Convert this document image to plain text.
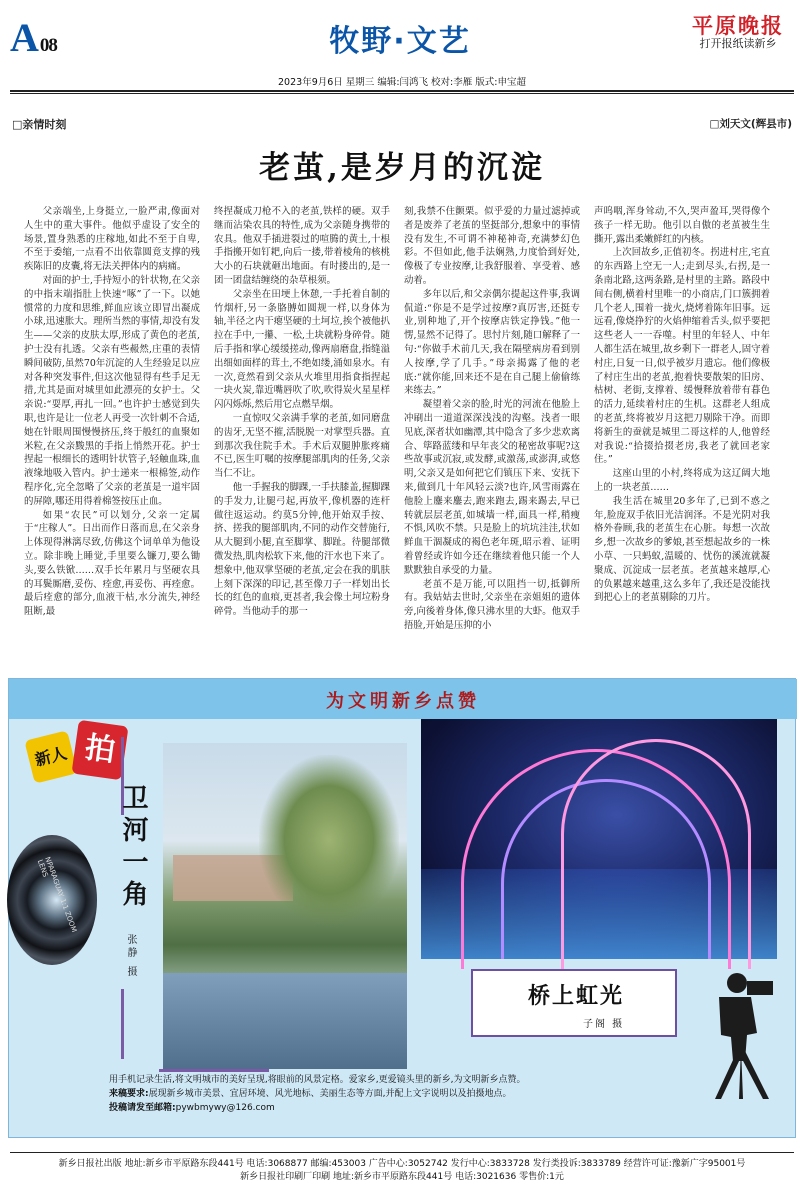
A 08	牧野·文艺	平原晚报
打开报纸读新乡
2023年9月6日 星期三 编辑:闫鸿飞 校对:李雁 版式:申宝超
□亲情时刻	□刘天文(辉县市)
老茧,是岁月的沉淀

父亲端坐,上身挺立,一脸严肃,像面对人生中的重大事件。他似乎虚设了安全的场景,置身熟悉的庄稼地,如此不至于自卑,不至于委缩,一点看不出依靠圆竟支撑的残疾陈旧的皮囊,将无法关押体内的病痛。

对面的护士,手持短小的针状物,在父亲的中指末端指肚上快速“啄”了一下。以她惯常的力度和思维,鲜血应该立即冒出凝成小球,迅速胀大。理所当然的事情,却没有发生——父亲的皮肤太厚,形成了黄色的老茧,护士没有扎透。父亲有些赧然,庄重的表情瞬间破防,虽然70年沉淀的人生经验足以应对各种突发事件,但这次他显得有些手足无措,尤其是面对城里如此漂亮的女护士。父亲说:“耍厚,再扎一回。”也许护士感觉到失职,也许是让一位老人再受一次针刺不合适,她在针眼周围慢慢挤压,终于般红的血聚如米粒,在父亲黢黑的手指上悄然开花。护士捏起一根细长的透明针状管子,轻触血珠,血液缘地吸入管内。护士递来一根棉签,动作程序化,完全忽略了父亲的老茧是一道牢固的屏障,哪还用得着棉签按压止血。

如果“农民”可以划分,父亲一定属于“庄稼人”。日出而作日落而息,在父亲身上体现得淋漓尽致,仿佛这个词单单为他设立。除非晚上睡觉,手里要么镰刀,要么锄头,要么铁锨……双手长年累月与坚硬农具的耳鬓厮磨,妥伤、痊愈,再妥伤、再痊愈。最后痊愈的部分,血液干枯,水分流失,神经阻断,最

终捏凝成刀枪不入的老茧,铁样的硬。双手继而沾染农具的特性,成为父亲随身携带的农具。他双手插进裂过的喧腾的黄土,十根手指搬开如钉耙,向后一搂,带着棱角的核桃大小的石块就砸出地面。有时搂出的,是一团一团盘结缠绕的杂草根须。

父亲坐在田埂上休憩,一手托着自制的竹烟杆,另一条胳膊如圆规一样,以身体为轴,半径之内干瘪坚硬的土坷垃,挨个被他扒拉在手中,一攥、一松,土块就粉身碎骨。随后手指和掌心缓缓搓动,像两扇磨盘,指缝溢出细如面样的茸土,不绝如缕,涌如泉水。有一次,竟然看到父亲从火堆里用指食指捏起一块火炭,靠近嘴唇吹了吹,吹得炭火星星样闪闪烁烁,然后用它点燃旱烟。

一直惊叹父亲满手掌的老茧,如同磨盘的齿牙,无坚不摧,活脱脱一对掌型兵器。直到那次我住院手术。手术后双腿肿胀疼痛不已,医生叮嘱的按摩腿部肌肉的任务,父亲当仁不让。

他一手握我的脚踝,一手扶膝盖,握脚踝的手发力,让腿弓起,再放平,像机器的连杆做往返运动。约莫5分钟,他开始双手按、挤、搓我的腿部肌肉,不同的动作交替施行,从大腿到小腿,直至脚掌、脚趾。待腿部微微发热,肌肉松软下来,他的汗水也下来了。想象中,他双掌坚硬的老茧,定会在我的肌肤上刻下深深的印记,甚至像刀子一样划出长长的红色的血痕,更甚者,我会像土坷垃粉身碎骨。当他动手的那一

刻,我禁不住颤栗。似乎爱的力量过滤掉或者是废养了老茧的坚挺部分,想象中的事情没有发生,不可谓不神秘神奇,充满梦幻色彩。不但如此,他手法娴熟,力度恰到好处,像极了专业按摩,让我舒服着、享受着、感动着。

多年以后,和父亲偶尔提起这件事,我调侃道:“你是不是学过按摩?真厉害,还挺专业,别种地了,开个按摩店铁定挣钱。”他一愣,显然不记得了。思忖片刻,随口解释了一句:“你做手术前几天,我在隔壁病房看到别人按摩,学了几手。”母亲揭露了他的老底:“就你能,回来还不是在自己腿上偷偷练来练去。”

凝望着父亲的脸,时光的河流在他脸上冲刷出一道道深深浅浅的沟壑。浅者一眼见底,深者状如幽潭,其中隐含了多少悲欢离合、筚路蓝缕和早年丧父的秘密故事呢?这些故事或沉寂,或发酵,或激荡,或澎湃,或悠明,父亲又是如何把它们镇压下来、安抚下来,做到几十年风轻云淡?也许,风雪雨露在他脸上鏖来鏖去,跑来跑去,踢来踢去,早已转就层层老茧,如城墙一样,面具一样,稍瘦不惧,风吹不禁。只是脸上的坑坑洼洼,状如鲜血干涸凝成的褐色老年斑,昭示着、证明着曾经或许如今还在继续着他只能一个人默默独自承受的力量。

老茧不是万能,可以阻挡一切,抵御所有。我姑姑去世时,父亲坐在亲姐姐的遗体旁,向後着身体,像只沸水里的大虾。他双手捂脸,开始是压抑的小

声呜咽,浑身耸动,不久,哭声盈耳,哭得像个孩子一样无助。他引以自傲的老茧被生生撕开,露出柔嫩鲜红的内核。

上次回故乡,正值初冬。拐进村庄,宅直的东西路上空无一人;走到尽头,右拐,是一条南北路,这两条路,是村里的主路。路段中间右侧,横着村里唯一的小商店,门口簇拥着几个老人,围着一拢火,烧烤着陈年旧事。远远看,像烧挣狞的火焰伸缩着舌头,似乎要把这些老人一一吞噬。村里的年轻人、中年人都生活在城里,故乡剩下一群老人,固守着村庄,日复一日,似乎被岁月遗忘。他们像极了村庄生出的老茧,抱着快要散架的旧房、枯树、老街,支撑着、缓慢释放着带有暮色的活力,延续着村庄的生机。这群老人组成的老茧,终将被岁月这把刀剔除干净。而即将新生的蚕就是城里二哥这样的人,他曾经对我说:“拾掇拾掇老房,我老了就回老家住。”

这座山里的小村,终将成为这辽阔大地上的一块老茧……

我生活在城里20多年了,已到不惑之年,脸庞双手依旧光洁润泽。不是光阴对我格外眷顾,我的老茧生在心脏。每想一次故乡,想一次故乡的爹娘,甚至想起故乡的一株小草、一只蚂蚁,温暖的、忧伤的溪流就凝聚成、沉淀成一层老茧。老茧越来越厚,心的负累越来越重,这么多年了,我还是没能找到把心上的老茧剔除的刀片。

为文明新乡点赞
新人 拍
NPARAGUAY 1:1 ZOOM LENS	卫河一角
张静 摄
桥上虹光
子阁 摄
用手机记录生活,将文明城市的美好呈现,将眼前的风景定格。爱家乡,更爱镜头里的新乡,为文明新乡点赞。
来稿要求:展现新乡城市美景、宜居环境、风光地标、美丽生态等方面,并配上文字说明以及拍摄地点。
投稿请发至邮箱:pywbmywy@126.com
新乡日报社出版 地址:新乡市平原路东段441号 电话:3068877 邮编:453003 广告中心:3052742 发行中心:3833728 发行类投诉:3833789 经营许可证:豫新广字95001号
新乡日报社印刷厂印刷 地址:新乡市平原路东段441号 电话:3021636 零售价:1元
